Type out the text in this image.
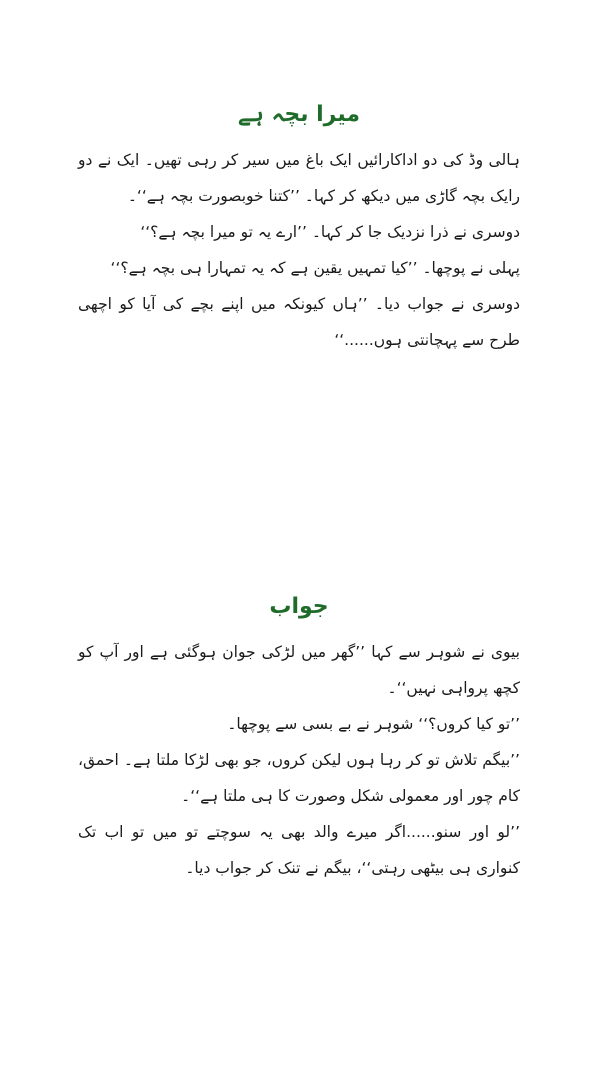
میرا بچہ ہے

ہالی وڈ کی دو اداکارائیں ایک باغ میں سیر کر رہی تھیں۔ ایک نے دو رایک بچہ گاڑی میں دیکھ کر کہا۔ ’’کتنا خوبصورت بچہ ہے‘‘۔

دوسری نے ذرا نزدیک جا کر کہا۔ ’’ارے یہ تو میرا بچہ ہے؟‘‘

پہلی نے پوچھا۔ ’’کیا تمہیں یقین ہے کہ یہ تمہارا ہی بچہ ہے؟‘‘

دوسری نے جواب دیا۔ ’’ہاں کیونکہ میں اپنے بچے کی آیا کو اچھی طرح سے پہچانتی ہوں......‘‘

جواب

بیوی نے شوہر سے کہا ’’گھر میں لڑکی جوان ہوگئی ہے اور آپ کو کچھ پرواہی نہیں‘‘۔

’’تو کیا کروں؟‘‘ شوہر نے بے بسی سے پوچھا۔

’’بیگم تلاش تو کر رہا ہوں لیکن کروں، جو بھی لڑکا ملتا ہے۔ احمق، کام چور اور معمولی شکل وصورت کا ہی ملتا ہے‘‘۔

’’لو اور سنو......اگر میرے والد بھی یہ سوچتے تو میں تو اب تک کنواری ہی بیٹھی رہتی‘‘، بیگم نے تنک کر جواب دیا۔
